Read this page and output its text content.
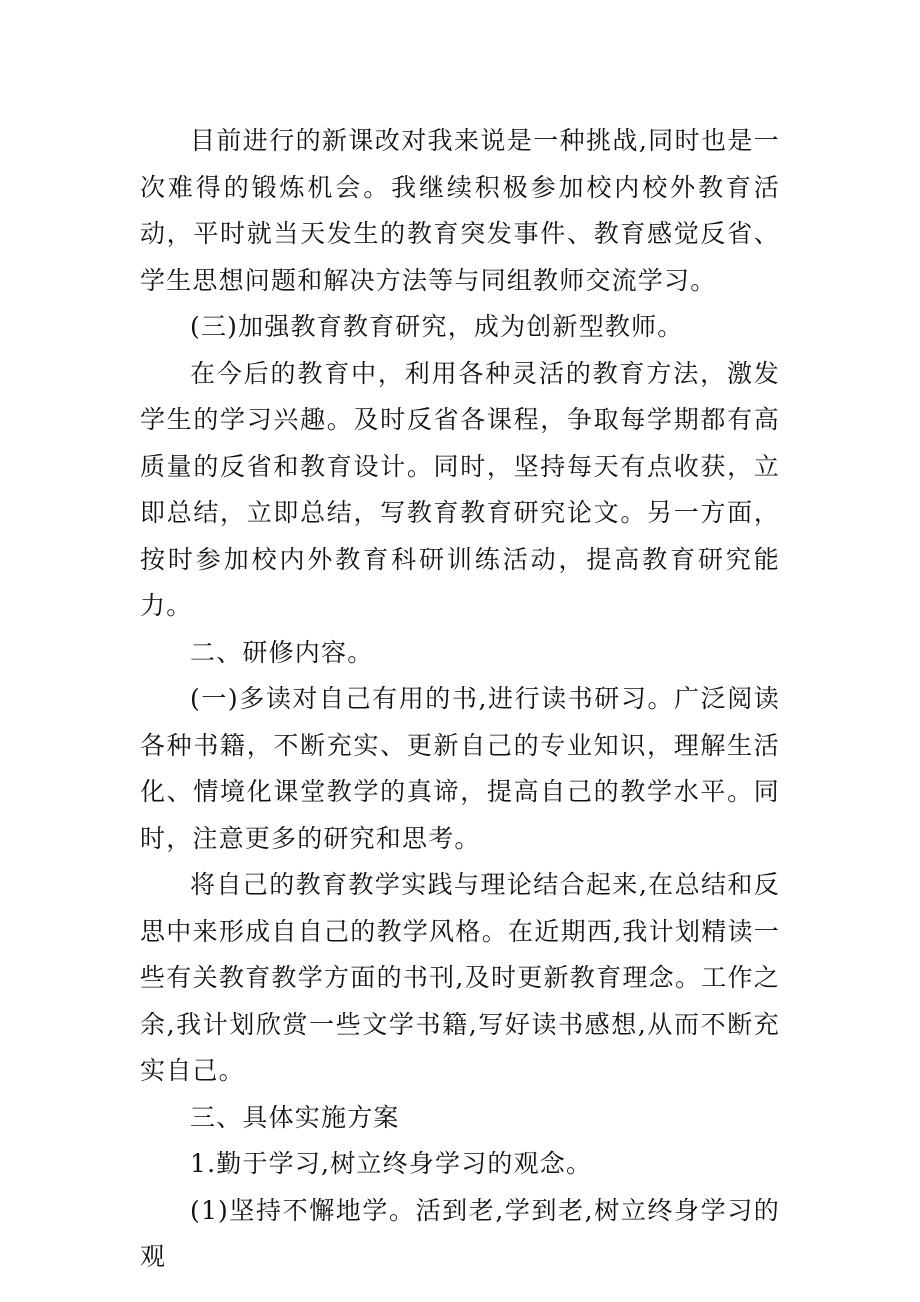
目前进行的新课改对我来说是一种挑战,同时也是一次难得的锻炼机会。我继续积极参加校内校外教育活动，平时就当天发生的教育突发事件、教育感觉反省、学生思想问题和解决方法等与同组教师交流学习。

(三)加强教育教育研究，成为创新型教师。

在今后的教育中，利用各种灵活的教育方法，激发学生的学习兴趣。及时反省各课程，争取每学期都有高质量的反省和教育设计。同时，坚持每天有点收获，立即总结，立即总结，写教育教育研究论文。另一方面，按时参加校内外教育科研训练活动，提高教育研究能力。

二、研修内容。

(一)多读对自己有用的书,进行读书研习。广泛阅读各种书籍，不断充实、更新自己的专业知识，理解生活化、情境化课堂教学的真谛，提高自己的教学水平。同时，注意更多的研究和思考。

将自己的教育教学实践与理论结合起来,在总结和反思中来形成自自己的教学风格。在近期西,我计划精读一些有关教育教学方面的书刊,及时更新教育理念。工作之余,我计划欣赏一些文学书籍,写好读书感想,从而不断充实自己。

三、具体实施方案

1.勤于学习,树立终身学习的观念。

(1)坚持不懈地学。活到老,学到老,树立终身学习的观
